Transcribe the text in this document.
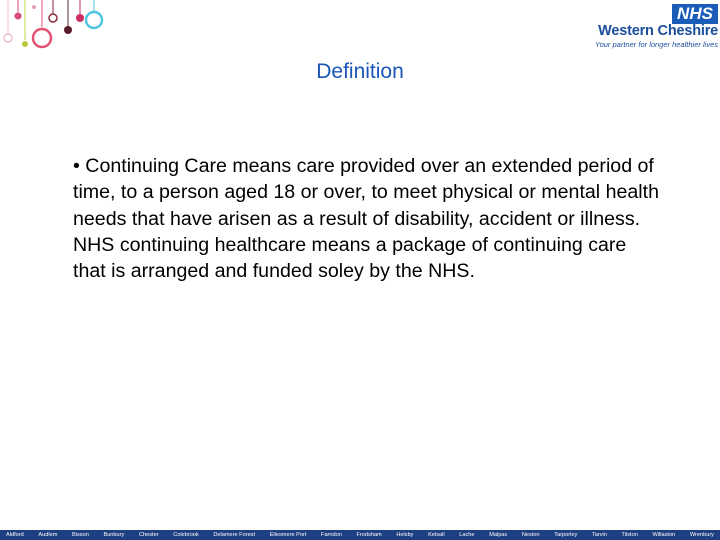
NHS
Western Cheshire
Your partner for longer healthier lives
Definition
• Continuing Care means care provided over an extended period of time, to a person aged 18 or over, to meet physical or mental health needs that have arisen as a result of disability, accident or illness. NHS continuing healthcare means a package of continuing care that is arranged and funded soley by the NHS.
Aldford	Audlem	Bisson	Bunbury	Chester	Colebrook	Delamere Forest	Ellesmere Port	Farndon	Frodsham	Helsby	Kelsall	Lache	Malpas	Neston	Tarporley	Tarvin	Tilston	Willaston	Wrenbury
